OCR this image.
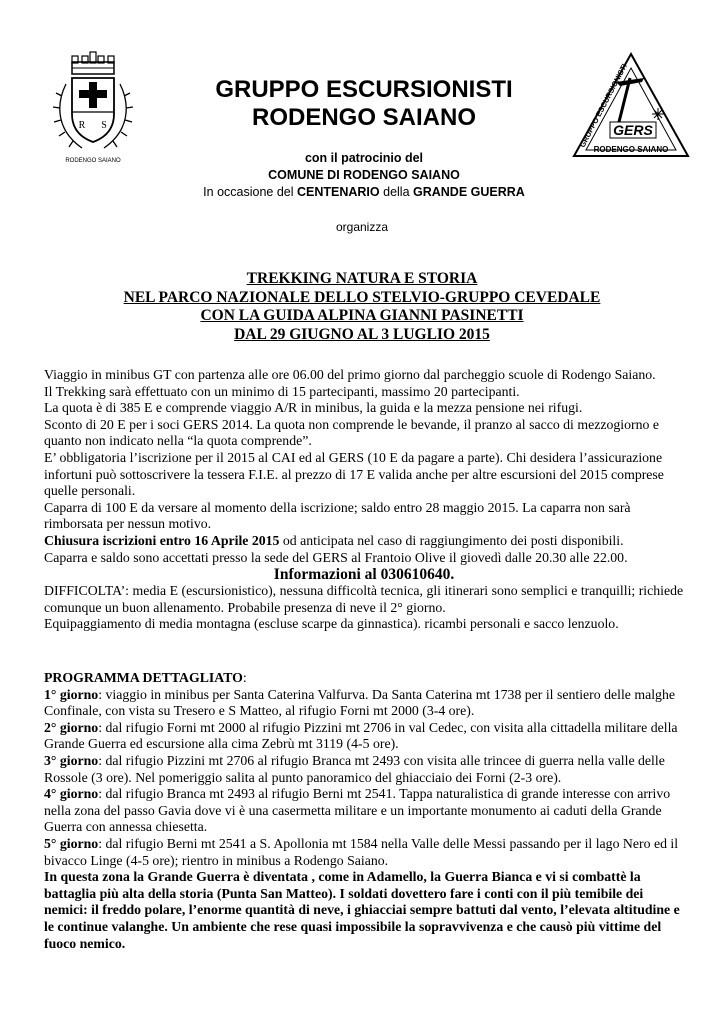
R S
RODENGO SAIANO
GRUPPO ESCURSIONISTI
GERS
RODENGO SAIANO
GRUPPO ESCURSIONISTI
RODENGO SAIANO
con il patrocinio del
COMUNE DI RODENGO SAIANO
In occasione del CENTENARIO della GRANDE GUERRA
organizza
TREKKING NATURA E STORIA
NEL PARCO NAZIONALE DELLO STELVIO-GRUPPO CEVEDALE
CON LA GUIDA ALPINA GIANNI PASINETTI
DAL 29 GIUGNO AL 3 LUGLIO 2015

Viaggio in minibus GT con partenza alle ore 06.00 del primo giorno dal parcheggio scuole di Rodengo Saiano.

Il Trekking sarà effettuato con un minimo di 15 partecipanti, massimo 20 partecipanti.

La quota è di 385 E e comprende viaggio A/R in minibus, la guida e la mezza pensione nei rifugi.

Sconto di 20 E per i soci GERS 2014. La quota non comprende le bevande, il pranzo al sacco di mezzogiorno e quanto non indicato nella “la quota comprende”.

E’ obbligatoria l’iscrizione per il 2015 al CAI ed al GERS (10 E da pagare a parte). Chi desidera l’assicurazione infortuni può sottoscrivere la tessera F.I.E. al prezzo di 17 E valida anche per altre escursioni del 2015 comprese quelle personali.

Caparra di 100 E da versare al momento della iscrizione; saldo entro 28 maggio 2015. La caparra non sarà rimborsata per nessun motivo.

Chiusura iscrizioni entro 16 Aprile 2015 od anticipata nel caso di raggiungimento dei posti disponibili.

Caparra e saldo sono accettati presso la sede del GERS al Frantoio Olive il giovedì dalle 20.30 alle 22.00.

Informazioni al 030610640.

DIFFICOLTA’: media E (escursionistico), nessuna difficoltà tecnica, gli itinerari sono semplici e tranquilli; richiede comunque un buon allenamento. Probabile presenza di neve il 2° giorno.

Equipaggiamento di media montagna (escluse scarpe da ginnastica). ricambi personali e sacco lenzuolo.

PROGRAMMA DETTAGLIATO:

1° giorno: viaggio in minibus per Santa Caterina Valfurva. Da Santa Caterina mt 1738 per il sentiero delle malghe Confinale, con vista su Tresero e S Matteo, al rifugio Forni mt 2000 (3-4 ore).

2° giorno: dal rifugio Forni mt 2000 al rifugio Pizzini mt 2706 in val Cedec, con visita alla cittadella militare della Grande Guerra ed escursione alla cima Zebrù mt 3119 (4-5 ore).

3° giorno: dal rifugio Pizzini mt 2706 al rifugio Branca mt 2493 con visita alle trincee di guerra nella valle delle Rossole (3 ore). Nel pomeriggio salita al punto panoramico del ghiacciaio dei Forni (2-3 ore).

4° giorno: dal rifugio Branca mt 2493 al rifugio Berni mt 2541. Tappa naturalistica di grande interesse con arrivo nella zona del passo Gavia dove vi è una casermetta militare e un importante monumento ai caduti della Grande Guerra con annessa chiesetta.

5° giorno: dal rifugio Berni mt 2541 a S. Apollonia mt 1584 nella Valle delle Messi passando per il lago Nero ed il bivacco Linge (4-5 ore); rientro in minibus a Rodengo Saiano.

In questa zona la Grande Guerra è diventata , come in Adamello, la Guerra Bianca e vi si combattè la battaglia più alta della storia (Punta San Matteo). I soldati dovettero fare i conti con il più temibile dei nemici: il freddo polare, l’enorme quantità di neve, i ghiacciai sempre battuti dal vento, l’elevata altitudine e le continue valanghe. Un ambiente che rese quasi impossibile la sopravvivenza e che causò più vittime del fuoco nemico.
